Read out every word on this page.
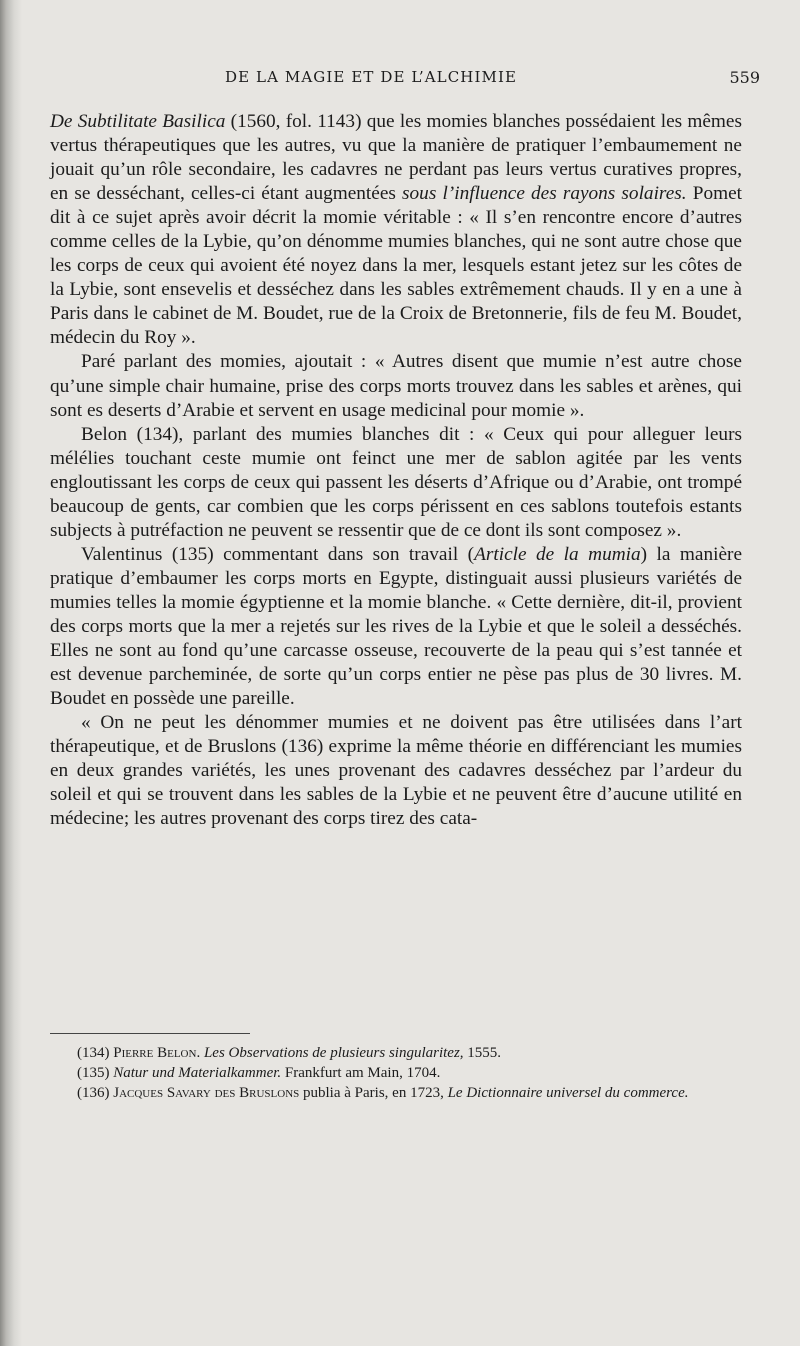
DE LA MAGIE ET DE L’ALCHIMIE	559

De Subtilitate Basilica (1560, fol. 1143) que les momies blanches possédaient les mêmes vertus thérapeutiques que les autres, vu que la manière de pratiquer l’embaumement ne jouait qu’un rôle secondaire, les cadavres ne perdant pas leurs vertus curatives propres, en se desséchant, celles-ci étant augmentées sous l’influence des rayons solaires. Pomet dit à ce sujet après avoir décrit la momie véritable : « Il s’en rencontre encore d’autres comme celles de la Lybie, qu’on dénomme mumies blanches, qui ne sont autre chose que les corps de ceux qui avoient été noyez dans la mer, lesquels estant jetez sur les côtes de la Lybie, sont ensevelis et desséchez dans les sables extrêmement chauds. Il y en a une à Paris dans le cabinet de M. Boudet, rue de la Croix de Bretonnerie, fils de feu M. Boudet, médecin du Roy ».

Paré parlant des momies, ajoutait : « Autres disent que mumie n’est autre chose qu’une simple chair humaine, prise des corps morts trouvez dans les sables et arènes, qui sont es deserts d’Arabie et servent en usage medicinal pour momie ».

Belon (134), parlant des mumies blanches dit : « Ceux qui pour alleguer leurs mélélies touchant ceste mumie ont feinct une mer de sablon agitée par les vents engloutissant les corps de ceux qui passent les déserts d’Afrique ou d’Arabie, ont trompé beaucoup de gents, car combien que les corps périssent en ces sablons toutefois estants subjects à putréfaction ne peuvent se ressentir que de ce dont ils sont composez ».

Valentinus (135) commentant dans son travail (Article de la mumia) la manière pratique d’embaumer les corps morts en Egypte, distinguait aussi plusieurs variétés de mumies telles la momie égyptienne et la momie blanche. « Cette dernière, dit-il, provient des corps morts que la mer a rejetés sur les rives de la Lybie et que le soleil a desséchés. Elles ne sont au fond qu’une carcasse osseuse, recouverte de la peau qui s’est tannée et est devenue parcheminée, de sorte qu’un corps entier ne pèse pas plus de 30 livres. M. Boudet en possède une pareille.

« On ne peut les dénommer mumies et ne doivent pas être utilisées dans l’art thérapeutique, et de Bruslons (136) exprime la même théorie en différenciant les mumies en deux grandes variétés, les unes provenant des cadavres desséchez par l’ardeur du soleil et qui se trouvent dans les sables de la Lybie et ne peuvent être d’aucune utilité en médecine; les autres provenant des corps tirez des cata-

(134) Pierre Belon. Les Observations de plusieurs singularitez, 1555.

(135) Natur und Materialkammer. Frankfurt am Main, 1704.

(136) Jacques Savary des Bruslons publia à Paris, en 1723, Le Dictionnaire universel du commerce.
